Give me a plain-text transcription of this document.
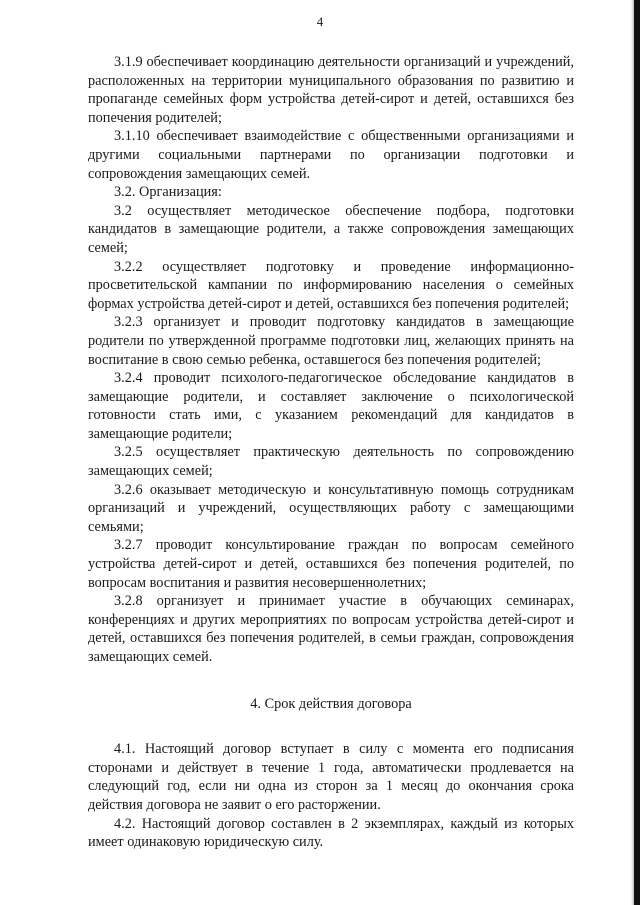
4

3.1.9 обеспечивает координацию деятельности организаций и учреждений, расположенных на территории муниципального образования по развитию и пропаганде семейных форм устройства детей-сирот и детей, оставшихся без попечения родителей;

3.1.10 обеспечивает взаимодействие с общественными организациями и другими социальными партнерами по организации подготовки и сопровождения замещающих семей.

3.2. Организация:

3.2 осуществляет методическое обеспечение подбора, подготовки кандидатов в замещающие родители, а также сопровождения замещающих семей;

3.2.2 осуществляет подготовку и проведение информационно-просветительской кампании по информированию населения о семейных формах устройства детей-сирот и детей, оставшихся без попечения родителей;

3.2.3 организует и проводит подготовку кандидатов в замещающие родители по утвержденной программе подготовки лиц, желающих принять на воспитание в свою семью ребенка, оставшегося без попечения родителей;

3.2.4 проводит психолого-педагогическое обследование кандидатов в замещающие родители, и составляет заключение о психологической готовности стать ими, с указанием рекомендаций для кандидатов в замещающие родители;

3.2.5 осуществляет практическую деятельность по сопровождению замещающих семей;

3.2.6 оказывает методическую и консультативную помощь сотрудникам организаций и учреждений, осуществляющих работу с замещающими семьями;

3.2.7 проводит консультирование граждан по вопросам семейного устройства детей-сирот и детей, оставшихся без попечения родителей, по вопросам воспитания и развития несовершеннолетних;

3.2.8 организует и принимает участие в обучающих семинарах, конференциях и других мероприятиях по вопросам устройства детей-сирот и детей, оставшихся без попечения родителей, в семьи граждан, сопровождения замещающих семей.

4. Срок действия договора

4.1. Настоящий договор вступает в силу с момента его подписания сторонами и действует в течение 1 года, автоматически продлевается на следующий год, если ни одна из сторон за 1 месяц до окончания срока действия договора не заявит о его расторжении.

4.2. Настоящий договор составлен в 2 экземплярах, каждый из которых имеет одинаковую юридическую силу.
